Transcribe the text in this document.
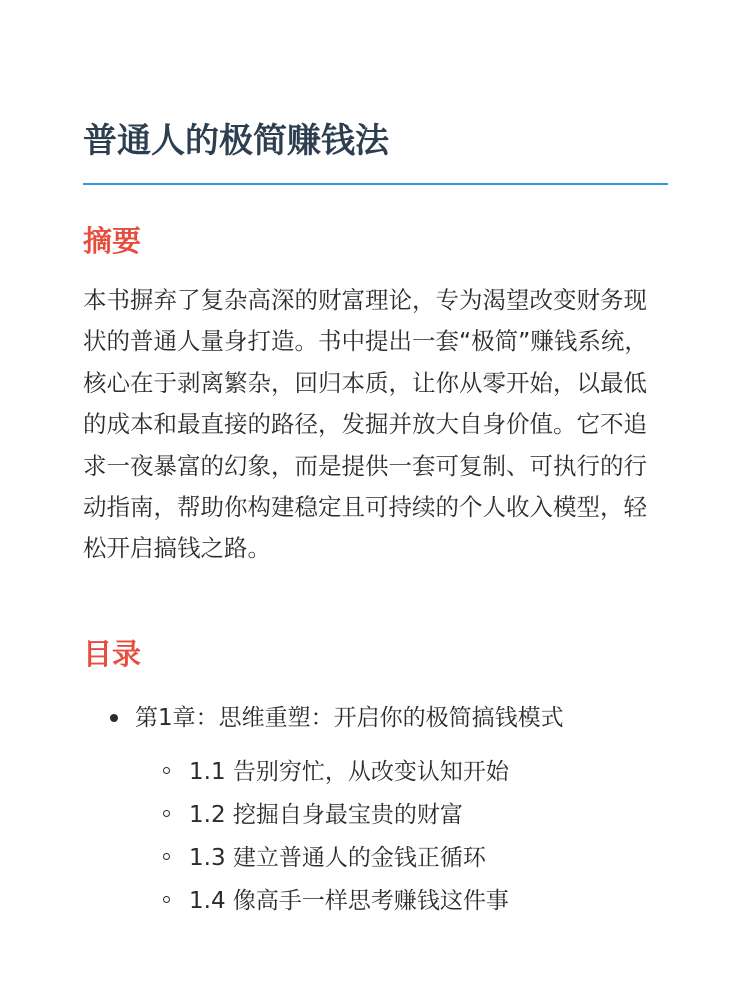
普通人的极简赚钱法
摘要

本书摒弃了复杂高深的财富理论，专为渴望改变财务现状的普通人量身打造。书中提出一套“极简”赚钱系统，核心在于剥离繁杂，回归本质，让你从零开始，以最低的成本和最直接的路径，发掘并放大自身价值。它不追求一夜暴富的幻象，而是提供一套可复制、可执行的行动指南，帮助你构建稳定且可持续的个人收入模型，轻松开启搞钱之路。

目录
第1章：思维重塑：开启你的极简搞钱模式
1.1 告别穷忙，从改变认知开始
1.2 挖掘自身最宝贵的财富
1.3 建立普通人的金钱正循环
1.4 像高手一样思考赚钱这件事
